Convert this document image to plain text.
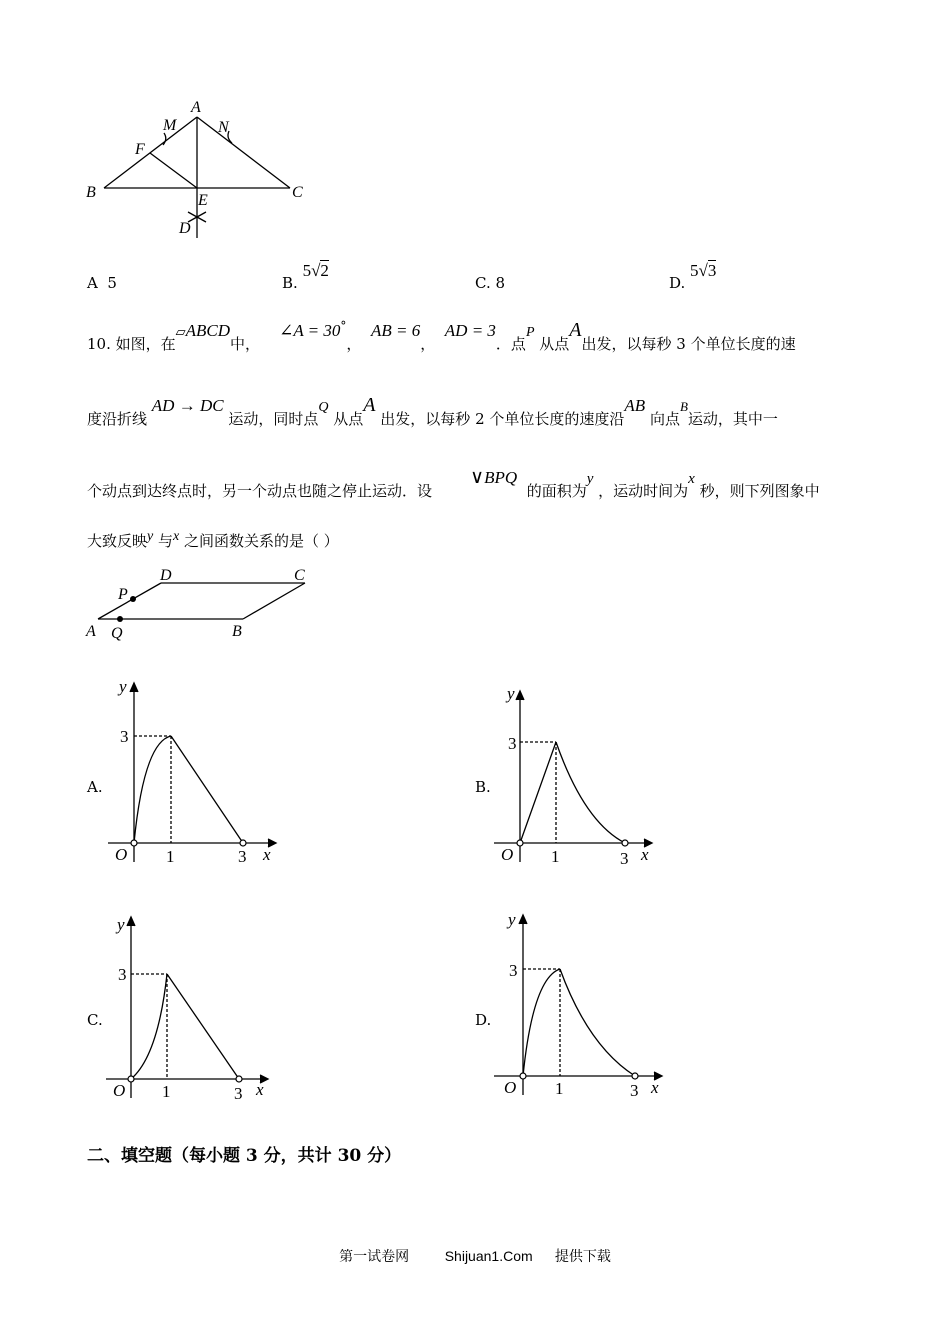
A
M	N
F
B	E	C
D
A 5	B. 5√2
C. 8	D. 5√3
10. 如图，在▱ABCD中，    ∠A = 30°，  AB = 6，  AD = 3．点P 从点A出发，以每秒 3 个单位长度的速
度沿折线 AD → DC 运动，同时点Q 从点A 出发，以每秒 2 个单位长度的速度沿AB 向点B运动，其中一
个动点到达终点时，另一个动点也随之停止运动．设        ∨BPQ  的面积为y ，运动时间为x 秒，则下列图象中
大致反映y 与x 之间函数关系的是（ ）
D	C
P
A Q	B
A.	B.
C.	D.
y
3
O 1	3 x
y
3
O 1	3 x
y
3
O 1	3 x
y
3
O 1	3 x
二、填空题（每小题 3 分，共计 30 分）
第一试卷网	Shijuan1.Com 提供下载
